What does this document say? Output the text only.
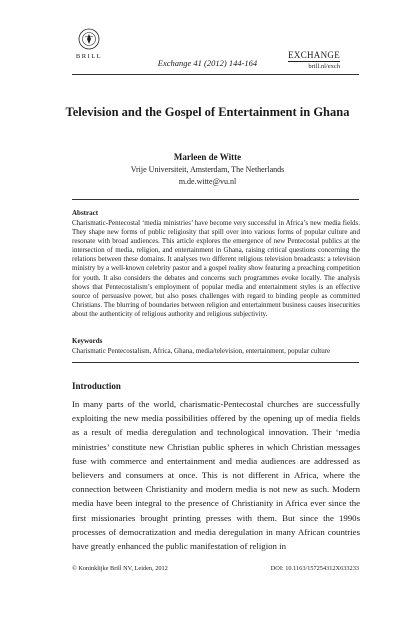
BRILL
Exchange 41 (2012) 144-164
EXCHANGE
brill.nl/exch
Television and the Gospel of Entertainment in Ghana
Marleen de Witte
Vrije Universiteit, Amsterdam, The Netherlands
m.de.witte@vu.nl
Abstract

Charismatic-Pentecostal ‘media ministries’ have become very successful in Africa’s new media fields. They shape new forms of public religiosity that spill over into various forms of popular culture and resonate with broad audiences. This article explores the emergence of new Pentecostal publics at the intersection of media, religion, and entertainment in Ghana, raising critical questions concerning the relations between these domains. It analyses two different religious television broadcasts: a television ministry by a well-known celebrity pastor and a gospel reality show featuring a preaching competition for youth. It also considers the debates and concerns such programmes evoke locally. The analysis shows that Pentecostalism’s employment of popular media and entertainment styles is an effective source of persuasive power, but also poses challenges with regard to binding people as committed Christians. The blurring of boundaries between religion and entertainment business causes insecurities about the authenticity of religious authority and religious subjectivity.

Keywords
Charismatic Pentecostalism, Africa, Ghana, media/television, entertainment, popular culture
Introduction

In many parts of the world, charismatic-Pentecostal churches are successfully exploiting the new media possibilities offered by the opening up of media fields as a result of media deregulation and technological innovation. Their ‘media ministries’ constitute new Christian public spheres in which Christian messages fuse with commerce and entertainment and media audiences are addressed as believers and consumers at once. This is not different in Africa, where the connection between Christianity and modern media is not new as such. Modern media have been integral to the presence of Christianity in Africa ever since the first missionaries brought printing presses with them. But since the 1990s processes of democratization and media deregulation in many African countries have greatly enhanced the public manifestation of religion in

© Koninklijke Brill NV, Leiden, 2012	DOI: 10.1163/157254312X633233
